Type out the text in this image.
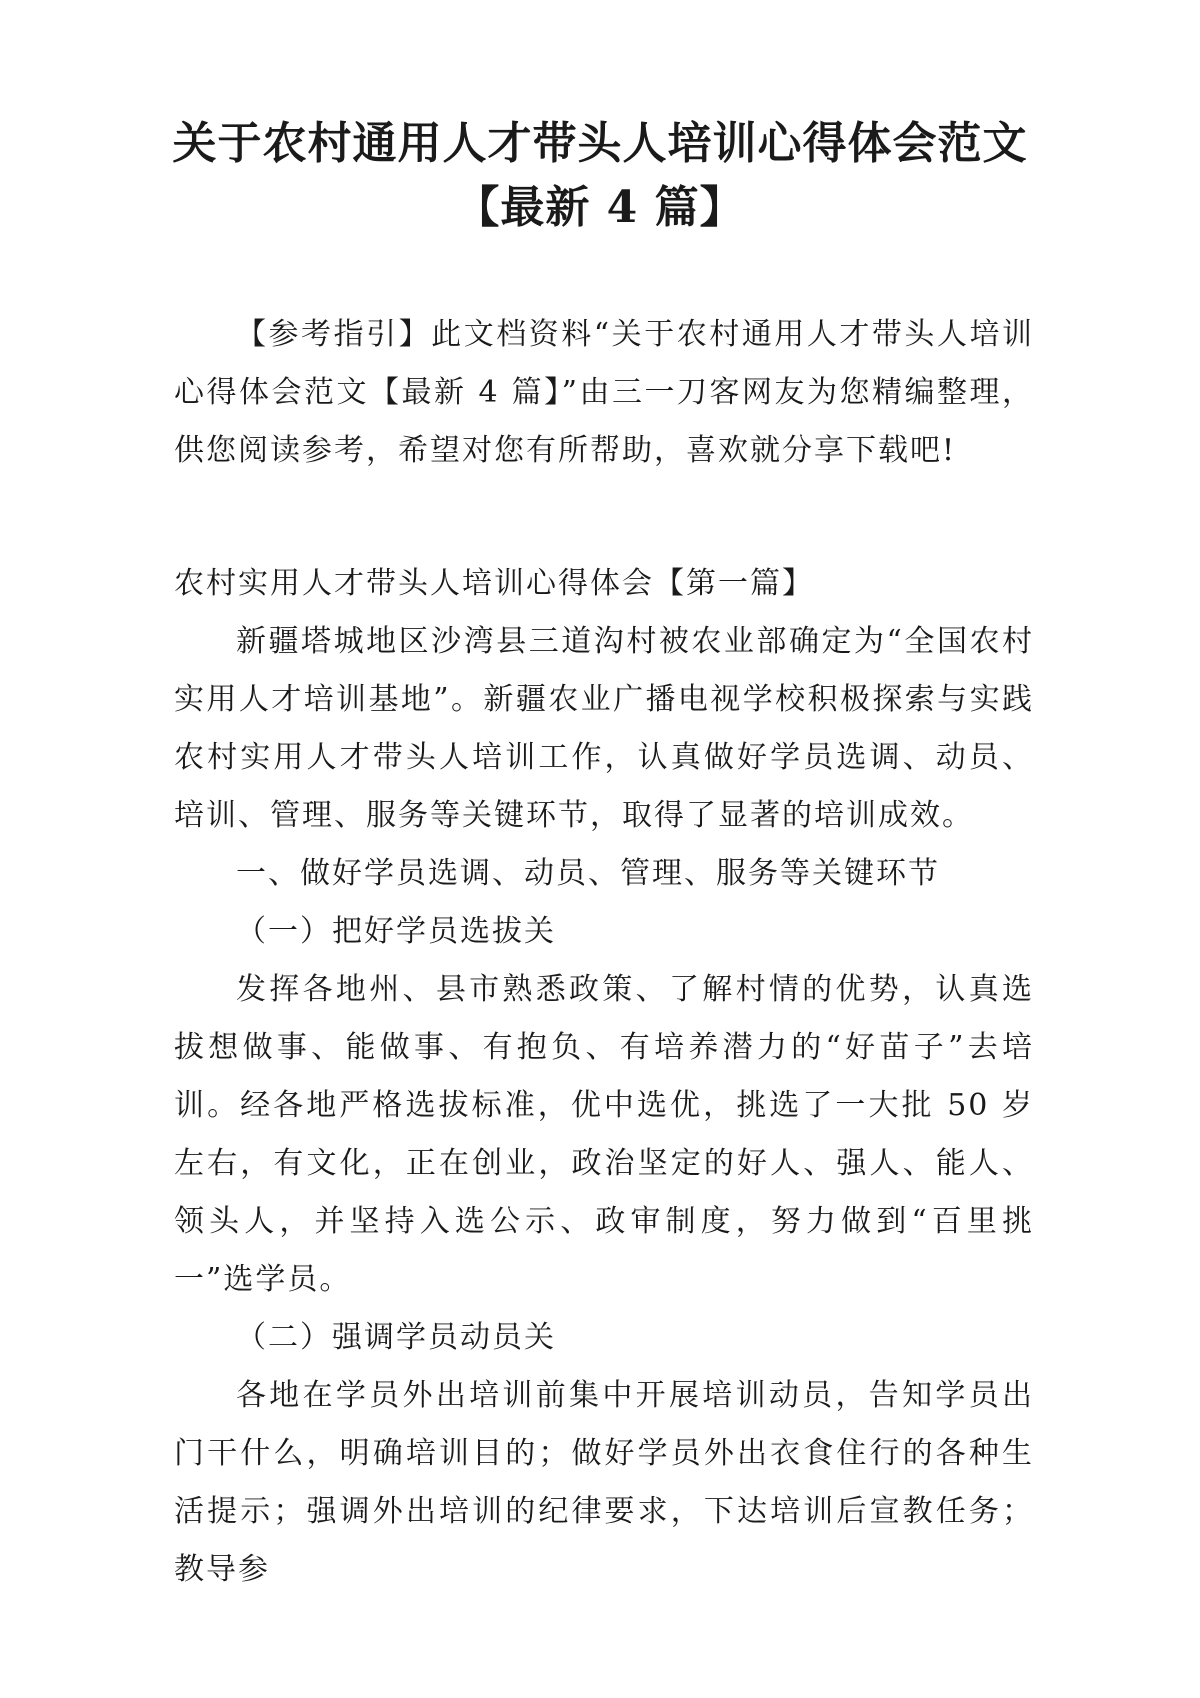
关于农村通用人才带头人培训心得体会范文
【最新 4 篇】

【参考指引】此文档资料“关于农村通用人才带头人培训心得体会范文【最新 4 篇】”由三一刀客网友为您精编整理，供您阅读参考，希望对您有所帮助，喜欢就分享下载吧!

农村实用人才带头人培训心得体会【第一篇】

新疆塔城地区沙湾县三道沟村被农业部确定为“全国农村实用人才培训基地”。新疆农业广播电视学校积极探索与实践农村实用人才带头人培训工作，认真做好学员选调、动员、培训、管理、服务等关键环节，取得了显著的培训成效。

一、做好学员选调、动员、管理、服务等关键环节

（一）把好学员选拔关

发挥各地州、县市熟悉政策、了解村情的优势，认真选拔想做事、能做事、有抱负、有培养潜力的“好苗子”去培训。经各地严格选拔标准，优中选优，挑选了一大批 50 岁左右，有文化，正在创业，政治坚定的好人、强人、能人、领头人，并坚持入选公示、政审制度，努力做到“百里挑一”选学员。

（二）强调学员动员关

各地在学员外出培训前集中开展培训动员，告知学员出门干什么，明确培训目的；做好学员外出衣食住行的各种生活提示；强调外出培训的纪律要求，下达培训后宣教任务；教导参
